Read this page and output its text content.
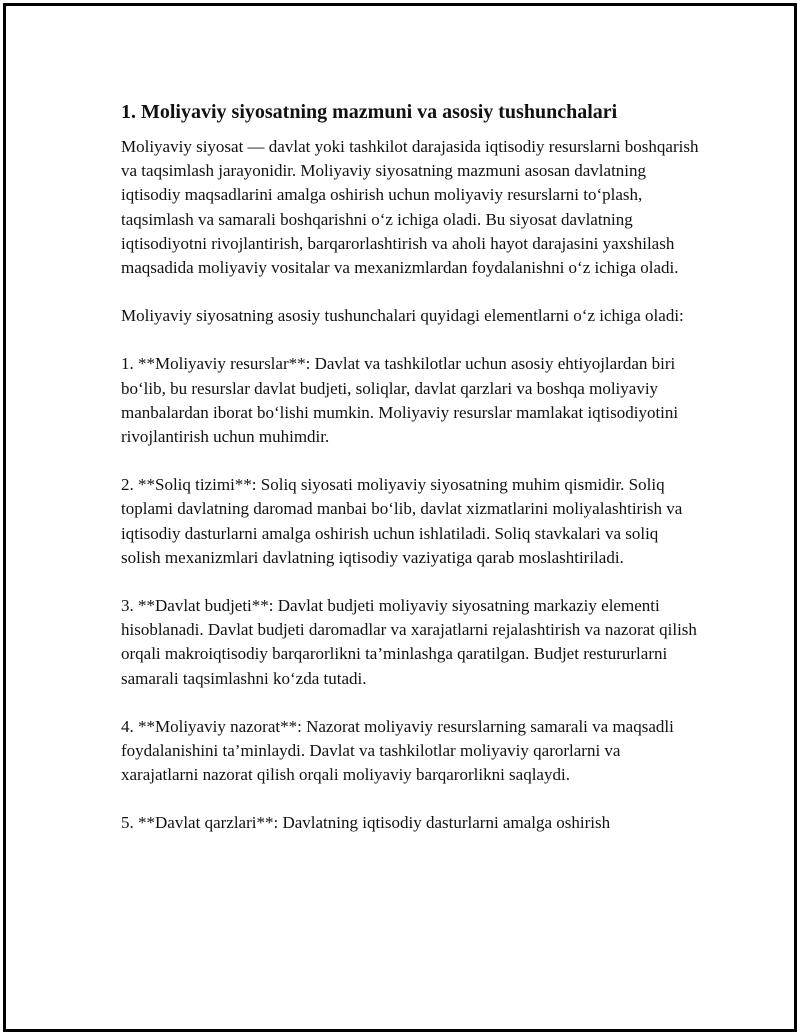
1. Moliyaviy siyosatning mazmuni va asosiy tushunchalari

Moliyaviy siyosat — davlat yoki tashkilot darajasida iqtisodiy resurslarni boshqarish va taqsimlash jarayonidir. Moliyaviy siyosatning mazmuni asosan davlatning iqtisodiy maqsadlarini amalga oshirish uchun moliyaviy resurslarni to‘plash, taqsimlash va samarali boshqarishni o‘z ichiga oladi. Bu siyosat davlatning iqtisodiyotni rivojlantirish, barqarorlashtirish va aholi hayot darajasini yaxshilash maqsadida moliyaviy vositalar va mexanizmlardan foydalanishni o‘z ichiga oladi.

Moliyaviy siyosatning asosiy tushunchalari quyidagi elementlarni o‘z ichiga oladi:

1. **Moliyaviy resurslar**: Davlat va tashkilotlar uchun asosiy ehtiyojlardan biri bo‘lib, bu resurslar davlat budjeti, soliqlar, davlat qarzlari va boshqa moliyaviy manbalardan iborat bo‘lishi mumkin. Moliyaviy resurslar mamlakat iqtisodiyotini rivojlantirish uchun muhimdir.

2. **Soliq tizimi**: Soliq siyosati moliyaviy siyosatning muhim qismidir. Soliq toplami davlatning daromad manbai bo‘lib, davlat xizmatlarini moliyalashtirish va iqtisodiy dasturlarni amalga oshirish uchun ishlatiladi. Soliq stavkalari va soliq solish mexanizmlari davlatning iqtisodiy vaziyatiga qarab moslashtiriladi.

3. **Davlat budjeti**: Davlat budjeti moliyaviy siyosatning markaziy elementi hisoblanadi. Davlat budjeti daromadlar va xarajatlarni rejalashtirish va nazorat qilish orqali makroiqtisodiy barqarorlikni ta’minlashga qaratilgan. Budjet restururlarni samarali taqsimlashni ko‘zda tutadi.

4. **Moliyaviy nazorat**: Nazorat moliyaviy resurslarning samarali va maqsadli foydalanishini ta’minlaydi. Davlat va tashkilotlar moliyaviy qarorlarni va xarajatlarni nazorat qilish orqali moliyaviy barqarorlikni saqlaydi.

5. **Davlat qarzlari**: Davlatning iqtisodiy dasturlarni amalga oshirish
